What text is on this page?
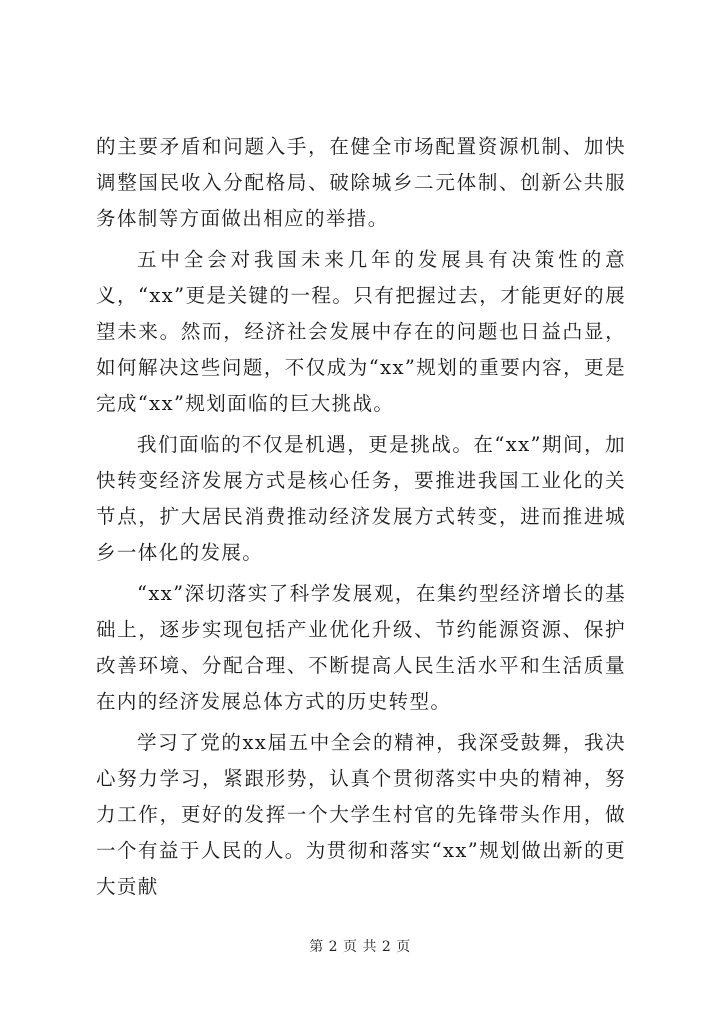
的主要矛盾和问题入手，在健全市场配置资源机制、加快调整国民收入分配格局、破除城乡二元体制、创新公共服务体制等方面做出相应的举措。

五中全会对我国未来几年的发展具有决策性的意义，“xx”更是关键的一程。只有把握过去，才能更好的展望未来。然而，经济社会发展中存在的问题也日益凸显，如何解决这些问题，不仅成为“xx”规划的重要内容，更是完成“xx”规划面临的巨大挑战。

我们面临的不仅是机遇，更是挑战。在“xx”期间，加快转变经济发展方式是核心任务，要推进我国工业化的关节点，扩大居民消费推动经济发展方式转变，进而推进城乡一体化的发展。

“xx”深切落实了科学发展观，在集约型经济增长的基础上，逐步实现包括产业优化升级、节约能源资源、保护改善环境、分配合理、不断提高人民生活水平和生活质量在内的经济发展总体方式的历史转型。

学习了党的xx届五中全会的精神，我深受鼓舞，我决心努力学习，紧跟形势，认真个贯彻落实中央的精神，努力工作，更好的发挥一个大学生村官的先锋带头作用，做一个有益于人民的人。为贯彻和落实“xx”规划做出新的更大贡献

第 2 页 共 2 页
